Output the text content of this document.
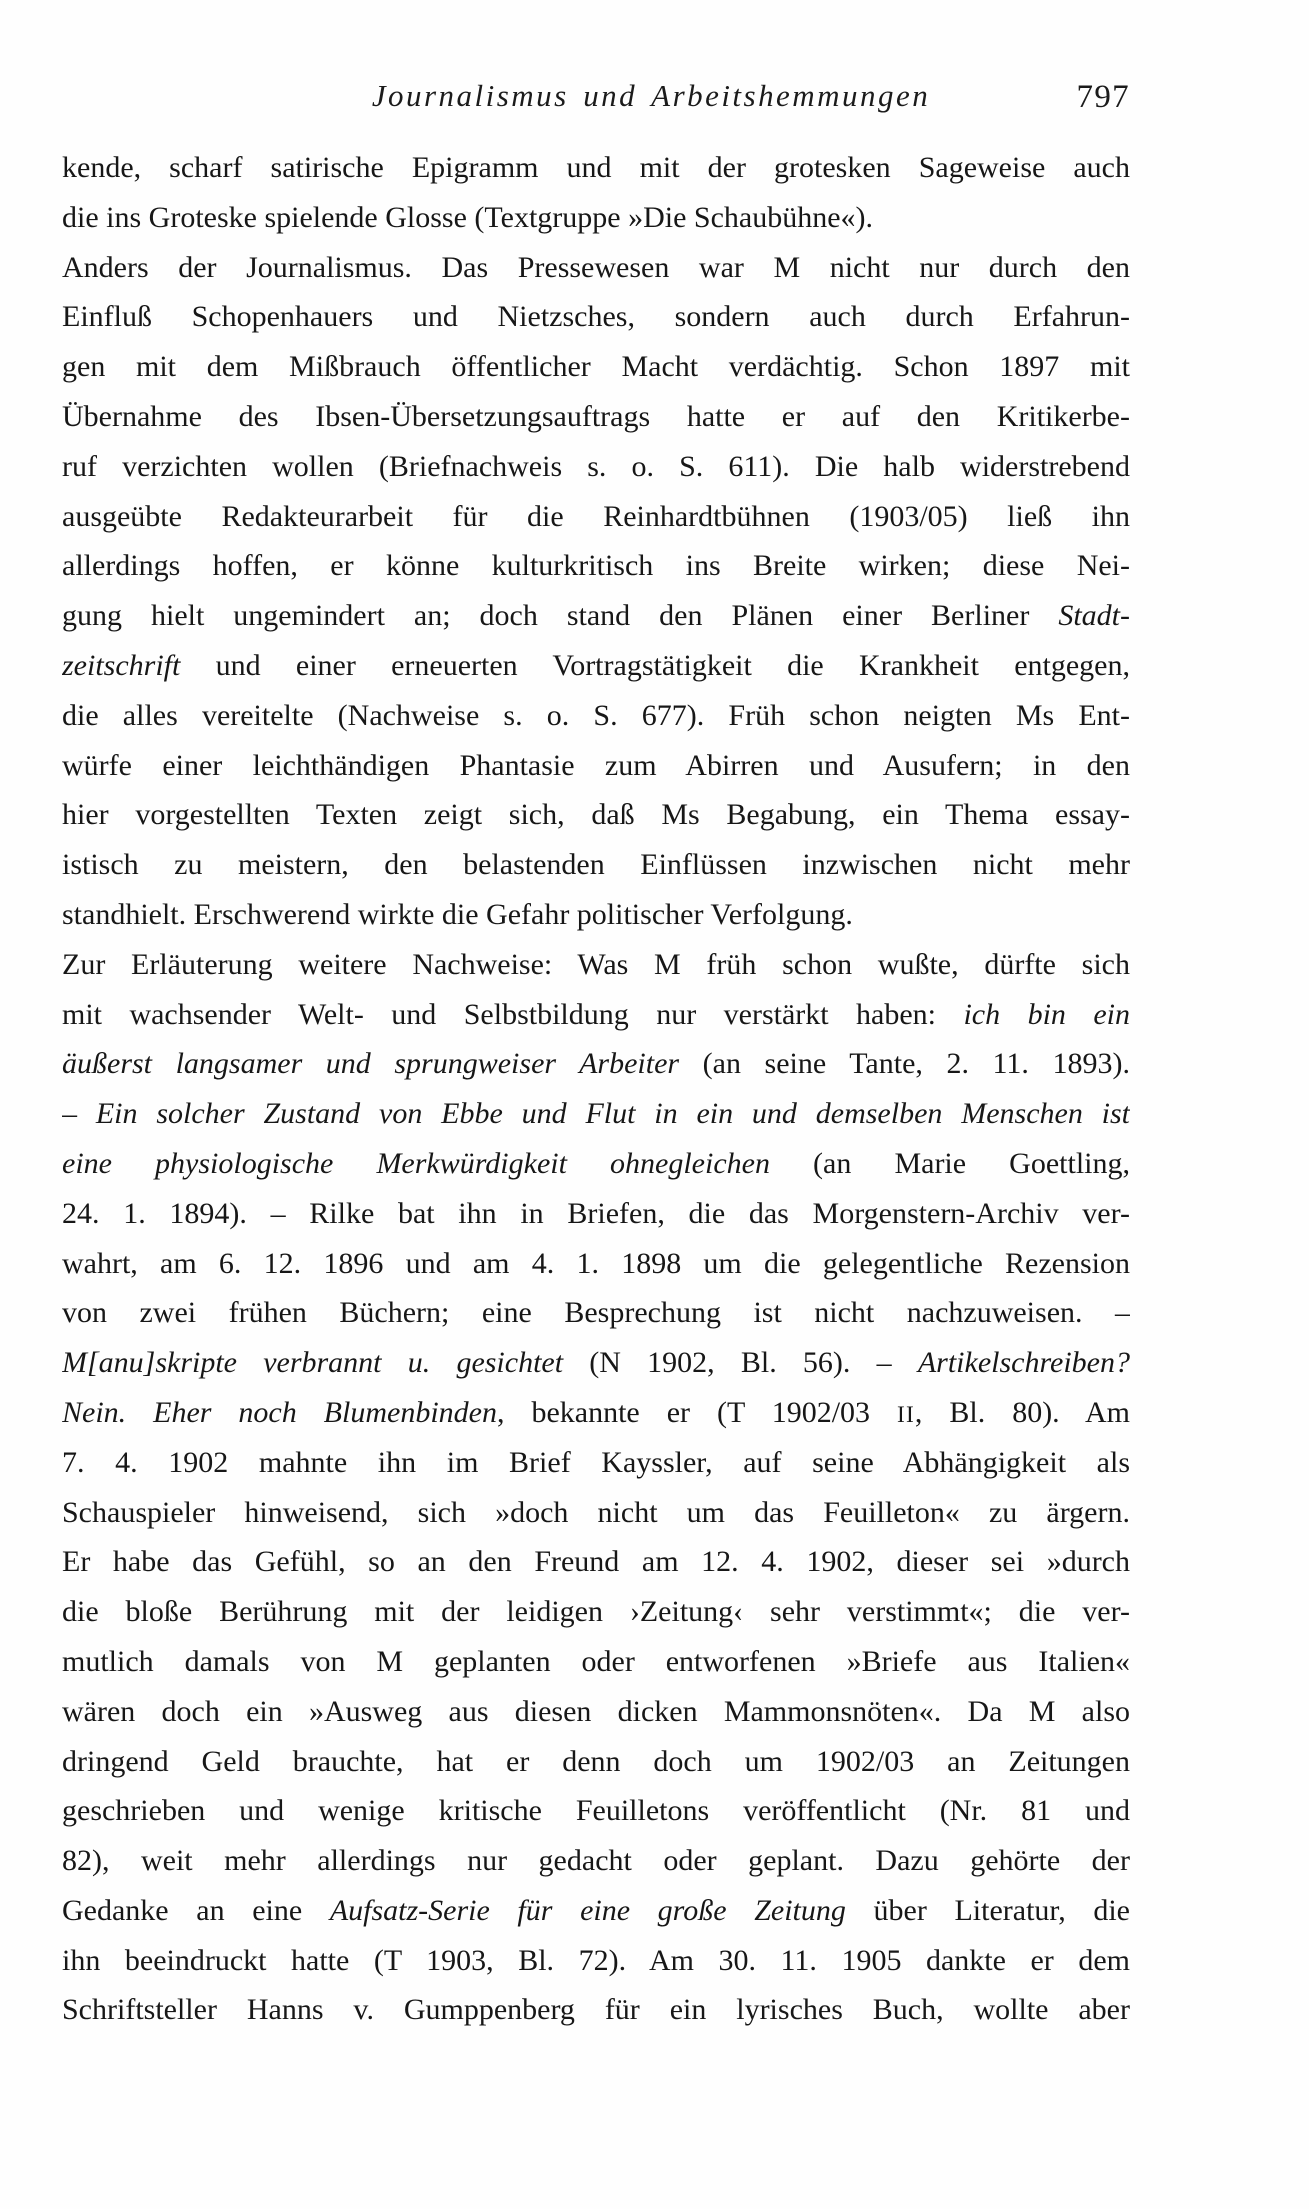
Journalismus und Arbeitshemmungen	797
kende, scharf satirische Epigramm und mit der grotesken Sageweise auch
die ins Groteske spielende Glosse (Textgruppe »Die Schaubühne«).
Anders der Journalismus. Das Pressewesen war M nicht nur durch den
Einfluß Schopenhauers und Nietzsches, sondern auch durch Erfahrun-
gen mit dem Mißbrauch öffentlicher Macht verdächtig. Schon 1897 mit
Übernahme des Ibsen-Übersetzungsauftrags hatte er auf den Kritikerbe-
ruf verzichten wollen (Briefnachweis s. o. S. 611). Die halb widerstrebend
ausgeübte Redakteurarbeit für die Reinhardtbühnen (1903/05) ließ ihn
allerdings hoffen, er könne kulturkritisch ins Breite wirken; diese Nei-
gung hielt ungemindert an; doch stand den Plänen einer Berliner Stadt-
zeitschrift und einer erneuerten Vortragstätigkeit die Krankheit entgegen,
die alles vereitelte (Nachweise s. o. S. 677). Früh schon neigten Ms Ent-
würfe einer leichthändigen Phantasie zum Abirren und Ausufern; in den
hier vorgestellten Texten zeigt sich, daß Ms Begabung, ein Thema essay-
istisch zu meistern, den belastenden Einflüssen inzwischen nicht mehr
standhielt. Erschwerend wirkte die Gefahr politischer Verfolgung.
Zur Erläuterung weitere Nachweise: Was M früh schon wußte, dürfte sich
mit wachsender Welt- und Selbstbildung nur verstärkt haben: ich bin ein
äußerst langsamer und sprungweiser Arbeiter (an seine Tante, 2. 11. 1893).
– Ein solcher Zustand von Ebbe und Flut in ein und demselben Menschen ist
eine physiologische Merkwürdigkeit ohnegleichen (an Marie Goettling,
24. 1. 1894). – Rilke bat ihn in Briefen, die das Morgenstern-Archiv ver-
wahrt, am 6. 12. 1896 und am 4. 1. 1898 um die gelegentliche Rezension
von zwei frühen Büchern; eine Besprechung ist nicht nachzuweisen. –
M[anu]skripte verbrannt u. gesichtet (N 1902, Bl. 56). – Artikelschreiben?
Nein. Eher noch Blumenbinden, bekannte er (T 1902/03 II, Bl. 80). Am
7. 4. 1902 mahnte ihn im Brief Kayssler, auf seine Abhängigkeit als
Schauspieler hinweisend, sich »doch nicht um das Feuilleton« zu ärgern.
Er habe das Gefühl, so an den Freund am 12. 4. 1902, dieser sei »durch
die bloße Berührung mit der leidigen ›Zeitung‹ sehr verstimmt«; die ver-
mutlich damals von M geplanten oder entworfenen »Briefe aus Italien«
wären doch ein »Ausweg aus diesen dicken Mammonsnöten«. Da M also
dringend Geld brauchte, hat er denn doch um 1902/03 an Zeitungen
geschrieben und wenige kritische Feuilletons veröffentlicht (Nr. 81 und
82), weit mehr allerdings nur gedacht oder geplant. Dazu gehörte der
Gedanke an eine Aufsatz-Serie für eine große Zeitung über Literatur, die
ihn beeindruckt hatte (T 1903, Bl. 72). Am 30. 11. 1905 dankte er dem
Schriftsteller Hanns v. Gumppenberg für ein lyrisches Buch, wollte aber
